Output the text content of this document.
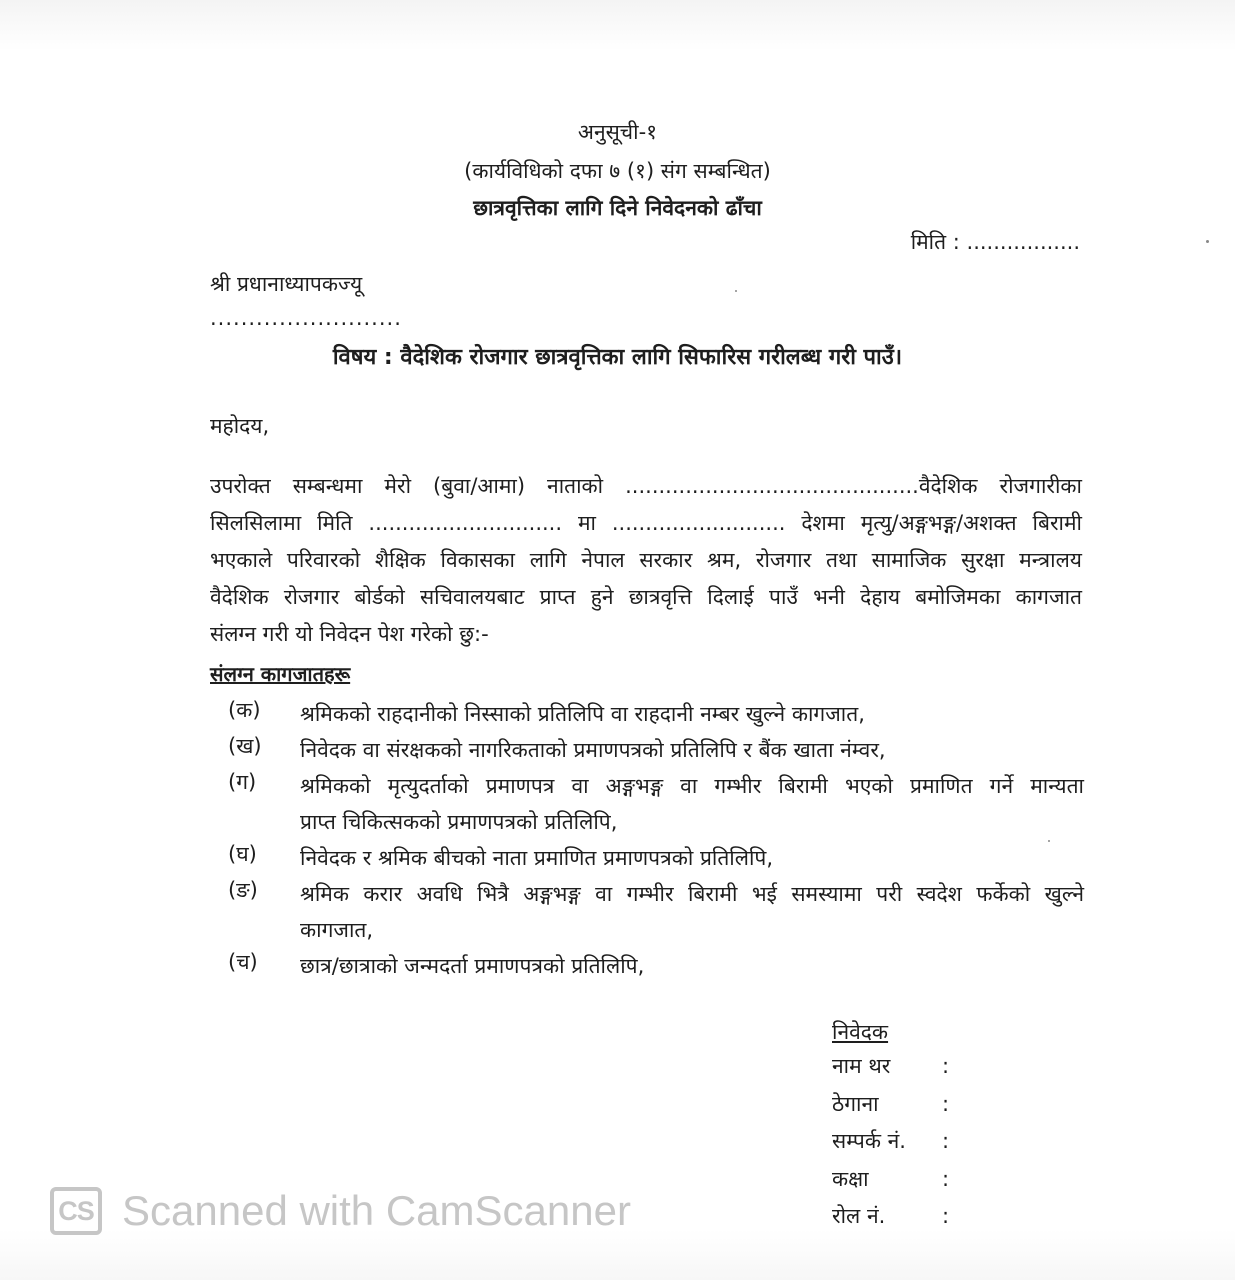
अनुसूची-१
(कार्यविधिको दफा ७ (१) संग सम्बन्धित)
छात्रवृत्तिका लागि दिने निवेदनको ढाँचा
मिति : .................
श्री प्रधानाध्यापकज्यू
.........................
विषय : वैदेशिक रोजगार छात्रवृत्तिका लागि सिफारिस गरीलब्ध गरी पाउँ।
महोदय,
उपरोक्त सम्बन्धमा मेरो (बुवा/आमा) नाताको ............................................वैदेशिक रोजगारीका
सिलसिलामा मिति ............................. मा .......................... देशमा मृत्यु/अङ्गभङ्ग/अशक्त बिरामी
भएकाले परिवारको शैक्षिक विकासका लागि नेपाल सरकार श्रम, रोजगार तथा सामाजिक सुरक्षा मन्त्रालय
वैदेशिक रोजगार बोर्डको सचिवालयबाट प्राप्त हुने छात्रवृत्ति दिलाई पाउँ भनी देहाय बमोजिमका कागजात
संलग्न गरी यो निवेदन पेश गरेको छु:-
संलग्न कागजातहरू
(क)	श्रमिकको राहदानीको निस्साको प्रतिलिपि वा राहदानी नम्बर खुल्ने कागजात,
(ख)	निवेदक वा संरक्षकको नागरिकताको प्रमाणपत्रको प्रतिलिपि र बैंक खाता नंम्वर,
(ग)	श्रमिकको मृत्युदर्ताको प्रमाणपत्र वा अङ्गभङ्ग वा गम्भीर बिरामी भएको प्रमाणित गर्ने मान्यता
प्राप्त चिकित्सकको प्रमाणपत्रको प्रतिलिपि,
(घ)	निवेदक र श्रमिक बीचको नाता प्रमाणित प्रमाणपत्रको प्रतिलिपि,
(ङ)	श्रमिक करार अवधि भित्रै अङ्गभङ्ग वा गम्भीर बिरामी भई समस्यामा परी स्वदेश फर्केको खुल्ने
कागजात,
(च)	छात्र/छात्राको जन्मदर्ता प्रमाणपत्रको प्रतिलिपि,
निवेदक
नाम थर :
ठेगाना	:
सम्पर्क नं. :
कक्षा	:
रोल नं.	:
CS Scanned with CamScanner
